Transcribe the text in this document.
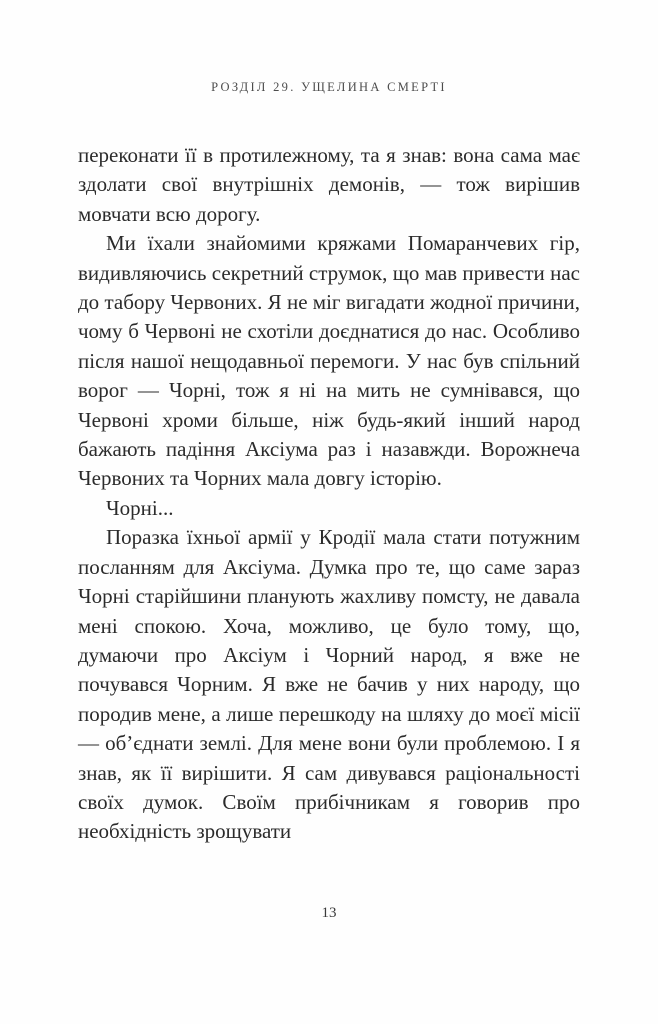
РОЗДІЛ 29. УЩЕЛИНА СМЕРТІ

переконати її в протилежному, та я знав: вона сама має здолати свої внутрішніх демонів, — тож вирішив мовчати всю дорогу.

Ми їхали знайомими кряжами Помаранчевих гір, видивляючись секретний струмок, що мав привести нас до табору Червоних. Я не міг вигадати жодної причини, чому б Червоні не схотіли доєднатися до нас. Особливо після нашої нещодавньої перемоги. У нас був спільний ворог — Чорні, тож я ні на мить не сумнівався, що Червоні хроми більше, ніж будь-який інший народ бажають падіння Аксіума раз і назавжди. Ворожнеча Червоних та Чорних мала довгу історію.

Чорні...

Поразка їхньої армії у Кродії мала стати потужним посланням для Аксіума. Думка про те, що саме зараз Чорні старійшини планують жахливу помсту, не давала мені спокою. Хоча, можливо, це було тому, що, думаючи про Аксіум і Чорний народ, я вже не почувався Чорним. Я вже не бачив у них народу, що породив мене, а лише перешкоду на шляху до моєї місії — об’єднати землі. Для мене вони були проблемою. І я знав, як її вирішити. Я сам дивувався раціональності своїх думок. Своїм прибічникам я говорив про необхідність зрощувати

13
